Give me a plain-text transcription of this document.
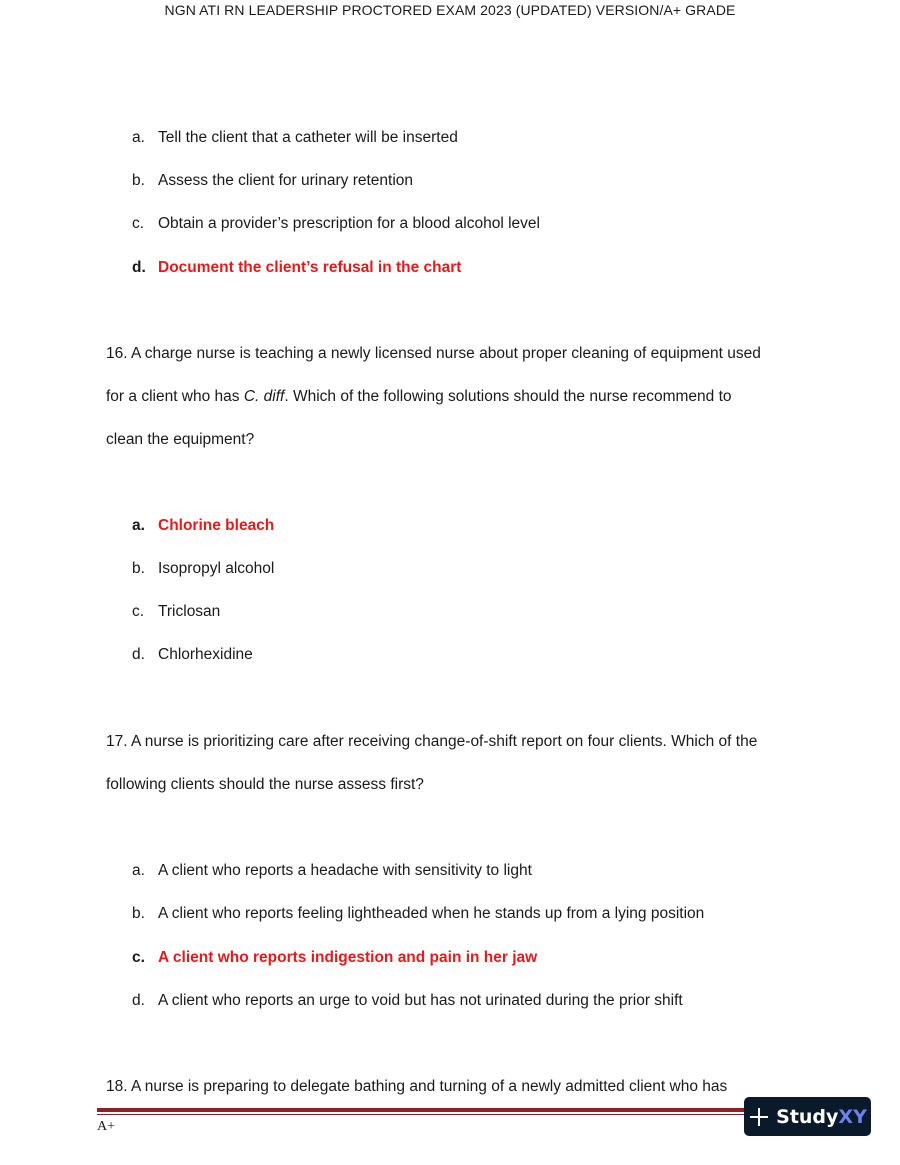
NGN ATI RN LEADERSHIP PROCTORED EXAM 2023 (UPDATED) VERSION/A+ GRADE
a. Tell the client that a catheter will be inserted
b. Assess the client for urinary retention
c. Obtain a provider’s prescription for a blood alcohol level
d. Document the client’s refusal in the chart
16. A charge nurse is teaching a newly licensed nurse about proper cleaning of equipment used
for a client who has C. diff. Which of the following solutions should the nurse recommend to
clean the equipment?
a. Chlorine bleach
b. Isopropyl alcohol
c. Triclosan
d. Chlorhexidine
17. A nurse is prioritizing care after receiving change-of-shift report on four clients. Which of the
following clients should the nurse assess first?
a. A client who reports a headache with sensitivity to light
b. A client who reports feeling lightheaded when he stands up from a lying position
c. A client who reports indigestion and pain in her jaw
d. A client who reports an urge to void but has not urinated during the prior shift
18. A nurse is preparing to delegate bathing and turning of a newly admitted client who has
A+	Study XY
